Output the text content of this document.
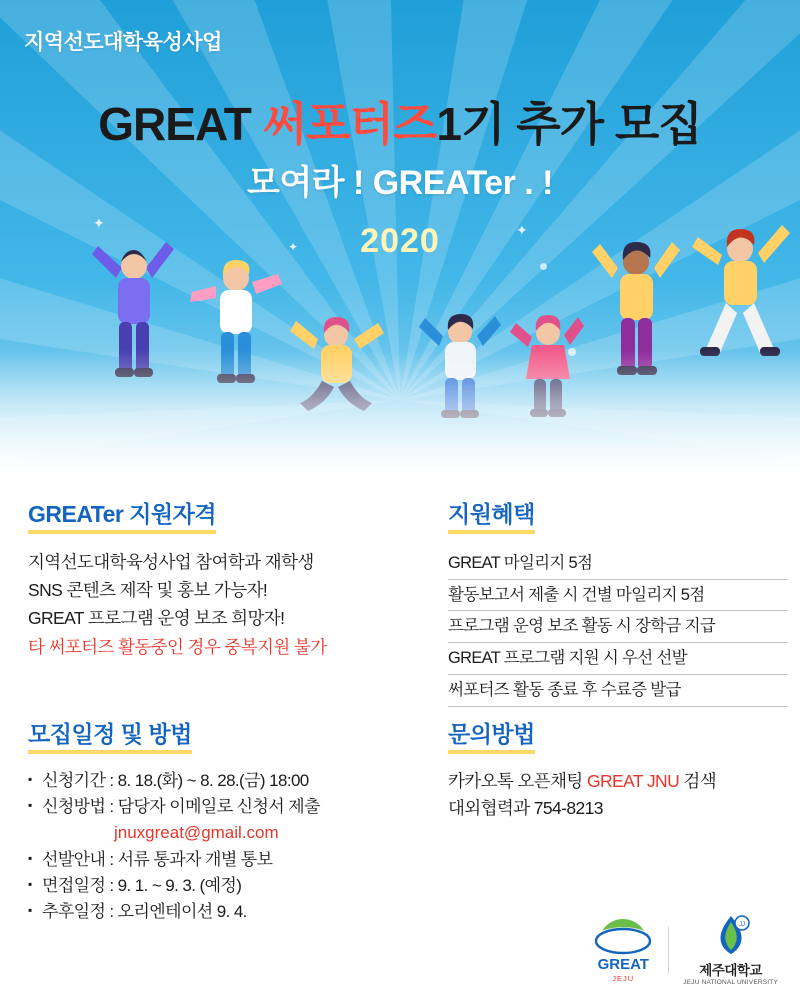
지역선도대학육성사업
GREAT 써포터즈1기 추가 모집
모여라 ! GREATer . !
2020
✦
✦
✦
GREATer 지원자격
지역선도대학육성사업 참여학과 재학생
SNS 콘텐츠 제작 및 홍보 가능자!
GREAT 프로그램 운영 보조 희망자!
타 써포터즈 활동중인 경우 중복지원 불가
지원혜택
GREAT 마일리지 5점
활동보고서 제출 시 건별 마일리지 5점
프로그램 운영 보조 활동 시 장학금 지급
GREAT 프로그램 지원 시 우선 선발
써포터즈 활동 종료 후 수료증 발급
모집일정 및 방법
▪ 신청기간 : 8. 18.(화) ~ 8. 28.(금) 18:00
▪ 신청방법 : 담당자 이메일로 신청서 제출
jnuxgreat@gmail.com
▪ 선발안내 : 서류 통과자 개별 통보
▪ 면접일정 : 9. 1. ~ 9. 3. (예정)
▪ 추후일정 : 오리엔테이션 9. 4.
문의방법
카카오톡 오픈채팅 GREAT JNU 검색
대외협력과 754-8213
GREAT
JEJU
JJ
제주대학교
JEJU NATIONAL UNIVERSITY
